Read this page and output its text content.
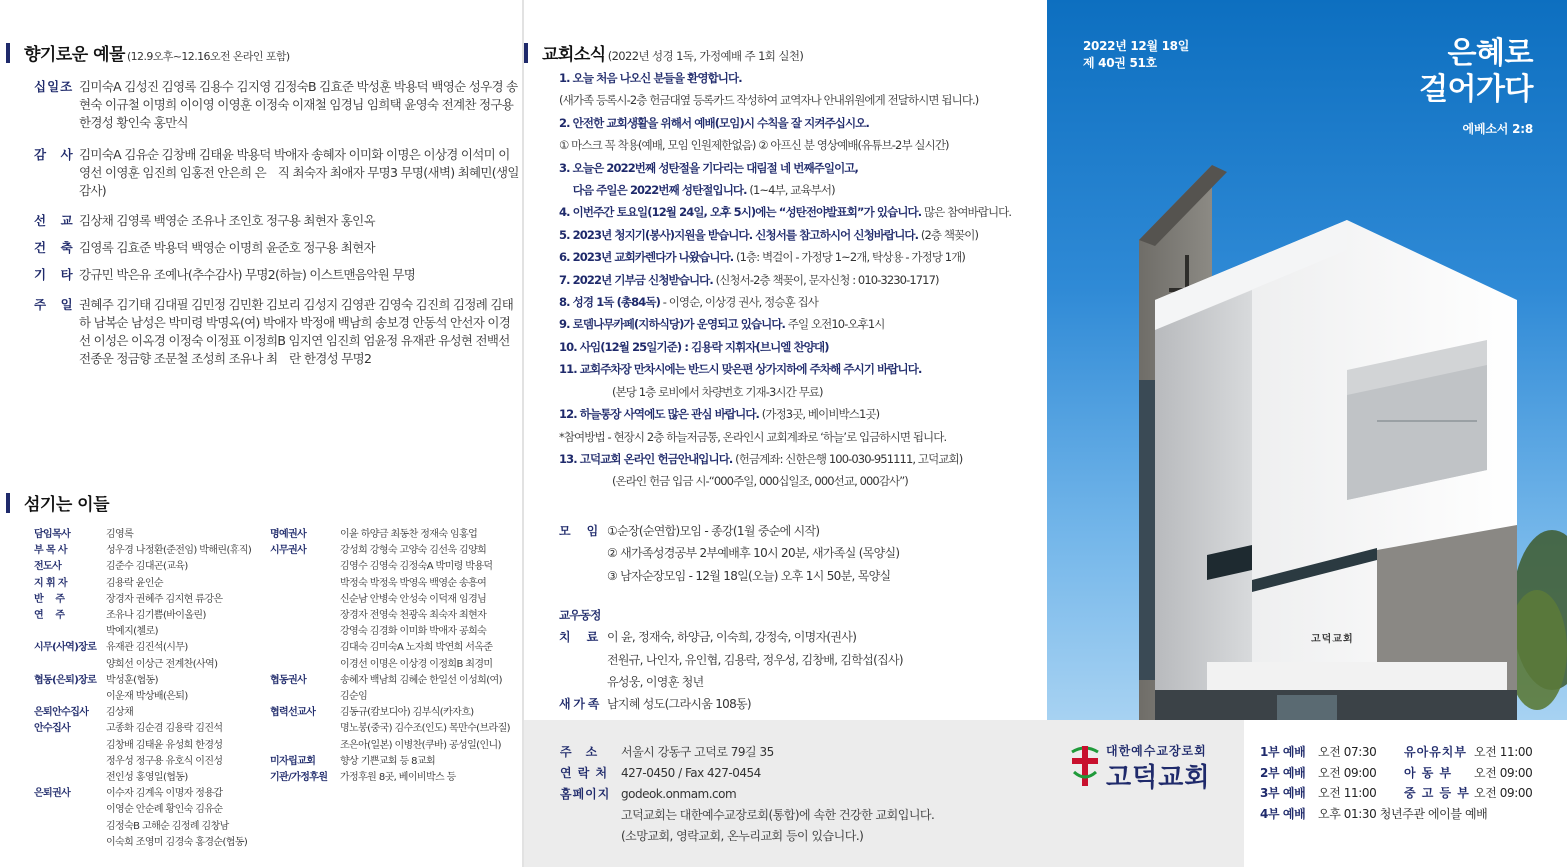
향기로운 예물 (12.9오후~12.16오전 온라인 포함)
십일조 김미숙A 김성진 김영록 김용수 김지영 김정숙B 김효준 박성훈 박용덕 백영순 성우경 송현숙 이규철 이명희 이이영 이영훈 이정숙 이재철 임경님 임희택 윤영숙 전계찬 정구용 한경성 황인숙 홍만식
감　사 김미숙A 김유순 김창배 김태윤 박용덕 박애자 송혜자 이미화 이명은 이상경 이석미 이영선 이영훈 임진희 임홍전 안은희 은　직 최숙자 최애자 무명3 무명(새벽) 최혜민(생일감사)
선　교 김상채 김영록 백영순 조유나 조인호 정구용 최현자 홍인옥
건　축 김영록 김효준 박용덕 백영순 이명희 윤준호 정구용 최현자
기　타 강규민 박은유 조예나(추수감사) 무명2(하늘) 이스트맨음악원 무명
주　일 권혜주 김기태 김대필 김민정 김민환 김보리 김성지 김영관 김영숙 김진희 김정례 김태하 남복순 남성은 박미령 박명옥(여) 박애자 박정애 백남희 송보경 안동석 안선자 이경선 이성은 이옥경 이정숙 이정표 이정희B 임지연 임진희 엄윤정 유재관 유성현 전백선 전종운 정금향 조문철 조성희 조유나 최　란 한경성 무명2
섬기는 이들
담임목사	김영록
부 목 사	성우경 나정환(준전임) 박해린(휴직)
전도사	김준수 김대곤(교육)
지 휘 자	김용락 윤인순
반　 주	장경자 권혜주 김지현 류강은
연　 주	조유나 김기쁨(바이올린)
박예지(첼로)
시무(사역)장로 유재관 김진석(시무)
양희선 이상근 전계찬(사역)
협동(은퇴)장로 박성훈(협동)
이운재 박상배(은퇴)
은퇴안수집사	김상채
안수집사	고종화 김순겸 김용락 김진석
김창배 김태윤 유성희 한경성
정우성 정구용 유호식 이진성
전인성 홍영일(협동)
은퇴권사	이수자 김계옥 이명자 정용갑
이영순 안순례 황인숙 김유순
김정숙B 고해순 김정례 김창남
이숙희 조영미 김경숙 홍경순(협동)
명예권사	이윤 하양금 최동찬 정재숙 임홍업
시무권사	강성희 강형숙 고양숙 김선욱 김양희
김영수 김영숙 김정숙A 박미령 박용덕
박정숙 박정욱 박영옥 백영순 송흥여
신순남 안병숙 안성숙 이덕재 임경님
장경자 전영숙 천광옥 최숙자 최현자
강영숙 김경화 이미화 박애자 공희숙
김대숙 김미숙A 노자희 박연희 서옥준
이경선 이명은 이상경 이정희B 최경미
협동권사	송혜자 백남희 김혜순 한일선 이성희(여)
김순임
협력선교사	김동규(캄보디아) 김부식(카자흐)
명노봉(중국) 김수조(인도) 목만수(브라질)
조은아(일본) 이병찬(쿠바) 공성일(인니)
미자립교회	향상 기쁜교회 등 8교회
기관/가정후원	가정후원 8곳, 베이비박스 등
교회소식 (2022년 성경 1독, 가정예배 주 1회 실천)
1. 오늘 처음 나오신 분들을 환영합니다.
(새가족 등록시-2층 헌금대옆 등록카드 작성하여 교역자나 안내위원에게 전달하시면 됩니다.)
2. 안전한 교회생활을 위해서 예배(모임)시 수칙을 잘 지켜주십시오.
① 마스크 꼭 착용(예배, 모임 인원제한없음) ② 아프신 분 영상예배(유튜브-2부 실시간)
3. 오늘은 2022번째 성탄절을 기다리는 대림절 네 번째주일이고,
　 다음 주일은 2022번째 성탄절입니다. (1~4부, 교육부서)
4. 이번주간 토요일(12월 24일, 오후 5시)에는 “성탄전야발표회”가 있습니다. 많은 참여바랍니다.
5. 2023년 청지기(봉사)지원을 받습니다. 신청서를 참고하시어 신청바랍니다. (2층 책꽂이)
6. 2023년 교회카렌다가 나왔습니다. (1층: 벽걸이 - 가정당 1~2개, 탁상용 - 가정당 1개)
7. 2022년 기부금 신청받습니다. (신청서-2층 책꽂이, 문자신청 : 010-3230-1717)
8. 성경 1독 (총84독) - 이영순, 이상경 권사, 정승훈 집사
9. 로뎀나무카페(지하식당)가 운영되고 있습니다. 주일 오전10-오후1시
10. 사임(12월 25일기준) : 김용락 지휘자(브니엘 찬양대)
11. 교회주차장 만차시에는 반드시 맞은편 상가지하에 주차해 주시기 바랍니다.
　　　　　(본당 1층 로비에서 차량번호 기재-3시간 무료)
12. 하늘통장 사역에도 많은 관심 바랍니다. (가정3곳, 베이비박스1곳)
*참여방법 - 현장시 2층 하늘저금통, 온라인시 교회계좌로 ‘하늘’로 입금하시면 됩니다.
13. 고덕교회 온라인 헌금안내입니다. (헌금계좌: 신한은행 100-030-951111, 고덕교회)
　　　　　(온라인 헌금 입금 시-“000주일, 000십일조, 000선교, 000감사”)
모　임 ①순장(순연합)모임 - 종강(1월 중순에 시작)
② 새가족성경공부 2부예배후 10시 20분, 새가족실 (목양실)
③ 남자순장모임 - 12월 18일(오늘) 오후 1시 50분, 목양실
교우동정
치　료 이 윤, 정재숙, 하양금, 이숙희, 강정숙, 이명자(권사)
전원규, 나인자, 유인협, 김용락, 정우성, 김창배, 김학섭(집사)
유성웅, 이영훈 청년
새 가 족 남지혜 성도(그라시움 108동)
2022년 12월 18일
제 40권 51호	은혜로
걸어가다
에베소서 2:8
고덕교회
주　소	서울시 강동구 고덕로 79길 35
연 락 처	427-0450 / Fax 427-0454
홈페이지 godeok.onmam.com
고덕교회는 대한예수교장로회(통합)에 속한 건강한 교회입니다.
(소망교회, 영락교회, 온누리교회 등이 있습니다.)
대한예수교장로회
고덕교회
1부 예배	오전 07:30	유아유치부 오전 11:00
2부 예배	오전 09:00	아 동 부	오전 09:00
3부 예배	오전 11:00	중 고 등 부 오전 09:00
4부 예배	오후 01:30 청년주관 에이블 예배
